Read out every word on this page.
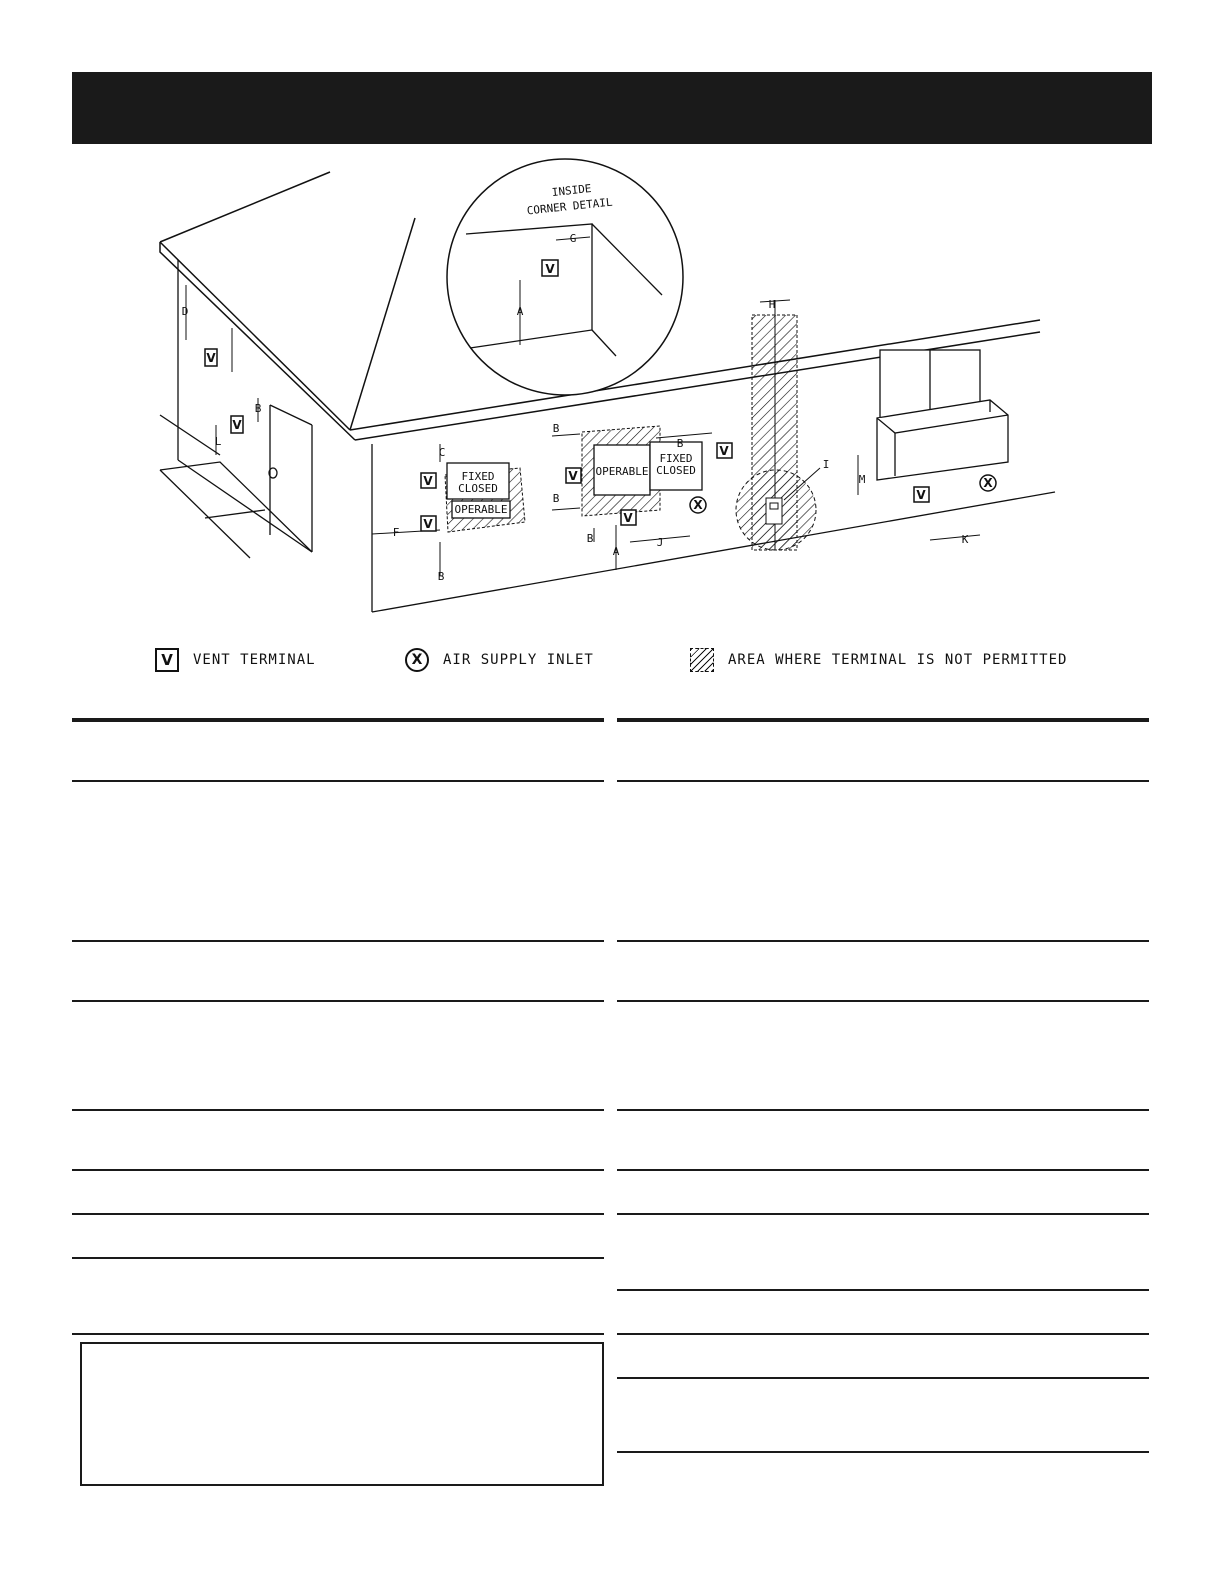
FIXED
CLOSED
OPERABLE
OPERABLE
FIXED
CLOSED
INSIDE
CORNER DETAIL
G
V
A
D
B
L
C
F
B
B
B
B
B
A
J
H
I
M
K
V
V
V
V
V
V
V
V
X
X
V	VENT TERMINAL	X	AIR SUPPLY INLET	AREA WHERE TERMINAL IS NOT PERMITTED
